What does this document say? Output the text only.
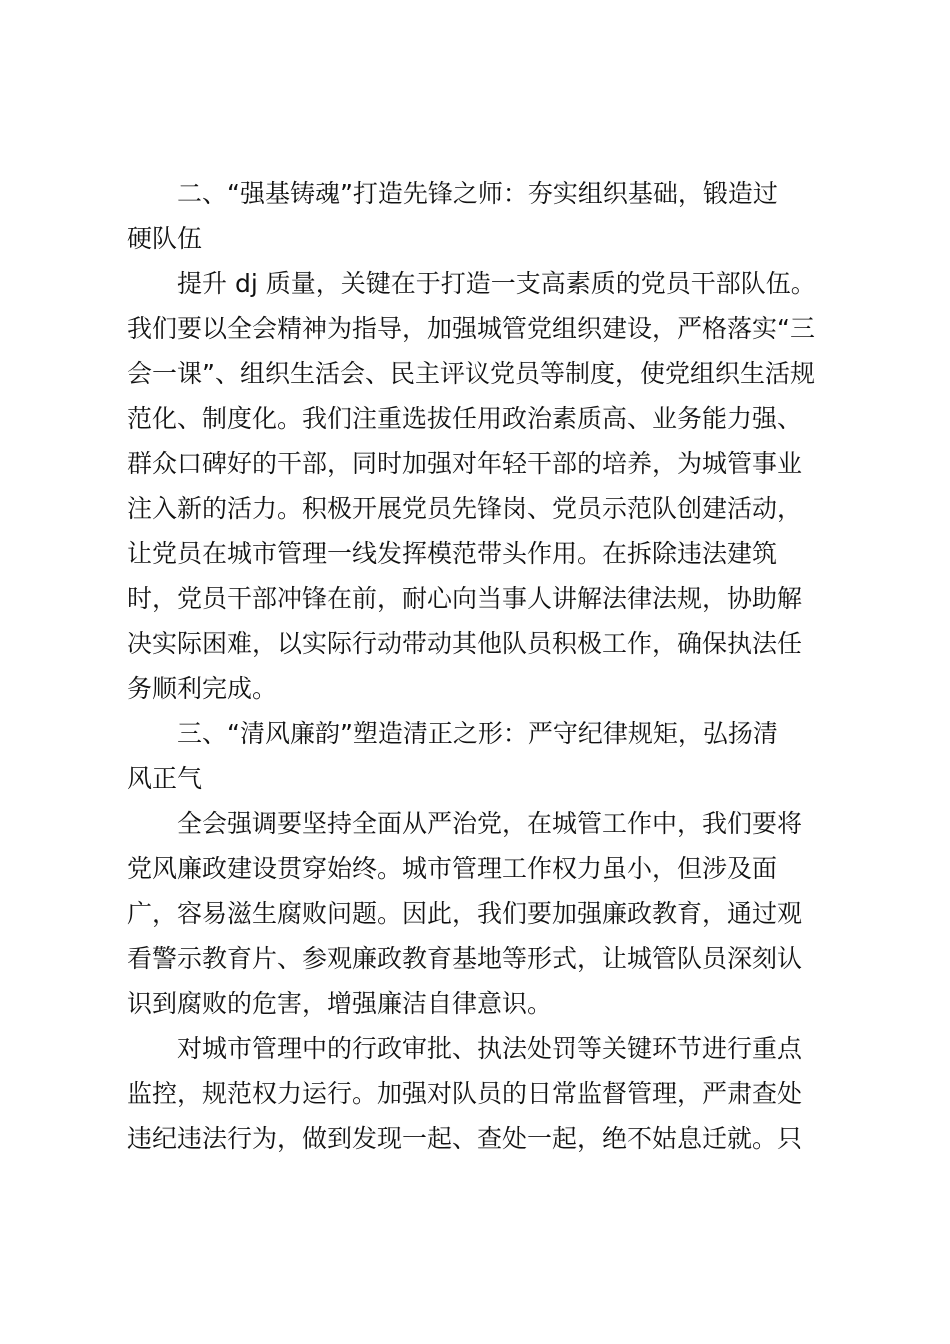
二、“强基铸魂”打造先锋之师：夯实组织基础，锻造过
硬队伍
提升 dj 质量，关键在于打造一支高素质的党员干部队伍。
我们要以全会精神为指导，加强城管党组织建设，严格落实“三
会一课”、组织生活会、民主评议党员等制度，使党组织生活规
范化、制度化。我们注重选拔任用政治素质高、业务能力强、
群众口碑好的干部，同时加强对年轻干部的培养，为城管事业
注入新的活力。积极开展党员先锋岗、党员示范队创建活动，
让党员在城市管理一线发挥模范带头作用。在拆除违法建筑
时，党员干部冲锋在前，耐心向当事人讲解法律法规，协助解
决实际困难，以实际行动带动其他队员积极工作，确保执法任
务顺利完成。
三、“清风廉韵”塑造清正之形：严守纪律规矩，弘扬清
风正气
全会强调要坚持全面从严治党，在城管工作中，我们要将
党风廉政建设贯穿始终。城市管理工作权力虽小，但涉及面
广，容易滋生腐败问题。因此，我们要加强廉政教育，通过观
看警示教育片、参观廉政教育基地等形式，让城管队员深刻认
识到腐败的危害，增强廉洁自律意识。
对城市管理中的行政审批、执法处罚等关键环节进行重点
监控，规范权力运行。加强对队员的日常监督管理，严肃查处
违纪违法行为，做到发现一起、查处一起，绝不姑息迁就。只
